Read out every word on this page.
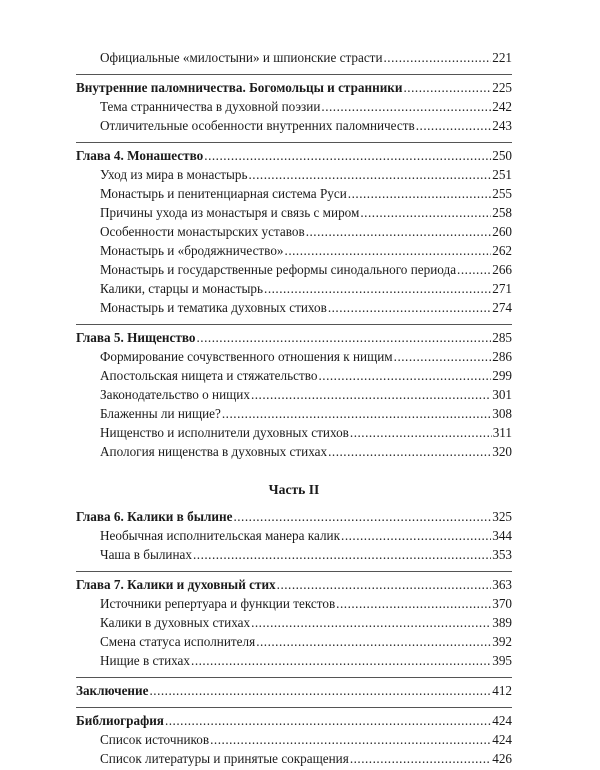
Официальные «милостыни» и шпионские страсти .....	221
Внутренние паломничества. Богомольцы и странники .....	225
Тема странничества в духовной поэзии .....	242
Отличительные особенности внутренних паломничеств .....	243
Глава 4. Монашество .....	250
Уход из мира в монастырь .....	251
Монастырь и пенитенциарная система Руси .....	255
Причины ухода из монастыря и связь с миром .....	258
Особенности монастырских уставов .....	260
Монастырь и «бродяжничество» .....	262
Монастырь и государственные реформы синодального периода .....	266
Калики, старцы и монастырь .....	271
Монастырь и тематика духовных стихов .....	274
Глава 5. Нищенство .....	285
Формирование сочувственного отношения к нищим .....	286
Апостольская нищета и стяжательство .....	299
Законодательство о нищих .....	301
Блаженны ли нищие? .....	308
Нищенство и исполнители духовных стихов .....	311
Апология нищенства в духовных стихах .....	320
Часть II
Глава 6. Калики в былине .....	325
Необычная исполнительская манера калик .....	344
Чаша в былинах .....	353
Глава 7. Калики и духовный стих .....	363
Источники репертуара и функции текстов .....	370
Калики в духовных стихах .....	389
Смена статуса исполнителя .....	392
Нищие в стихах .....	395
Заключение .....	412
Библиография .....	424
Список источников .....	424
Список литературы и принятые сокращения .....	426
